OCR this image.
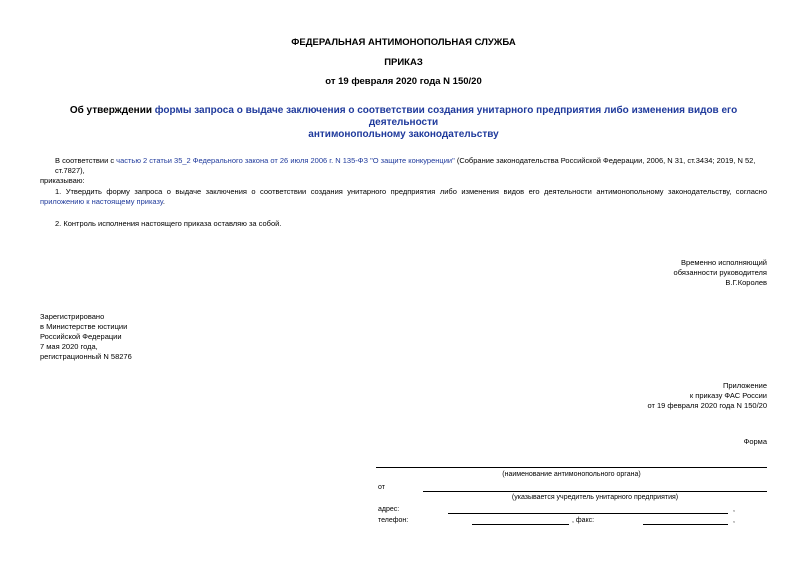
ФЕДЕРАЛЬНАЯ АНТИМОНОПОЛЬНАЯ СЛУЖБА
ПРИКАЗ
от 19 февраля 2020 года N 150/20
Об утверждении формы запроса о выдаче заключения о соответствии создания унитарного предприятия либо изменения видов его деятельности
антимонопольному законодательству
В соответствии с частью 2 статьи 35_2 Федерального закона от 26 июля 2006 г. N 135-ФЗ "О защите конкуренции" (Собрание законодательства Российской Федерации, 2006, N 31, ст.3434; 2019, N 52, ст.7827),
приказываю:
1. Утвердить форму запроса о выдаче заключения о соответствии создания унитарного предприятия либо изменения видов его деятельности антимонопольному законодательству, согласно приложению к настоящему приказу.
2. Контроль исполнения настоящего приказа оставляю за собой.
Временно исполняющий
обязанности руководителя
В.Г.Королев
Зарегистрировано
в Министерстве юстиции
Российской Федерации
7 мая 2020 года,
регистрационный N 58276
Приложение
к приказу ФАС России
от 19 февраля 2020 года N 150/20
Форма
(наименование антимонопольного органа)
от
(указывается учредитель унитарного предприятия)
адрес:	,
телефон:	, факс:	,
